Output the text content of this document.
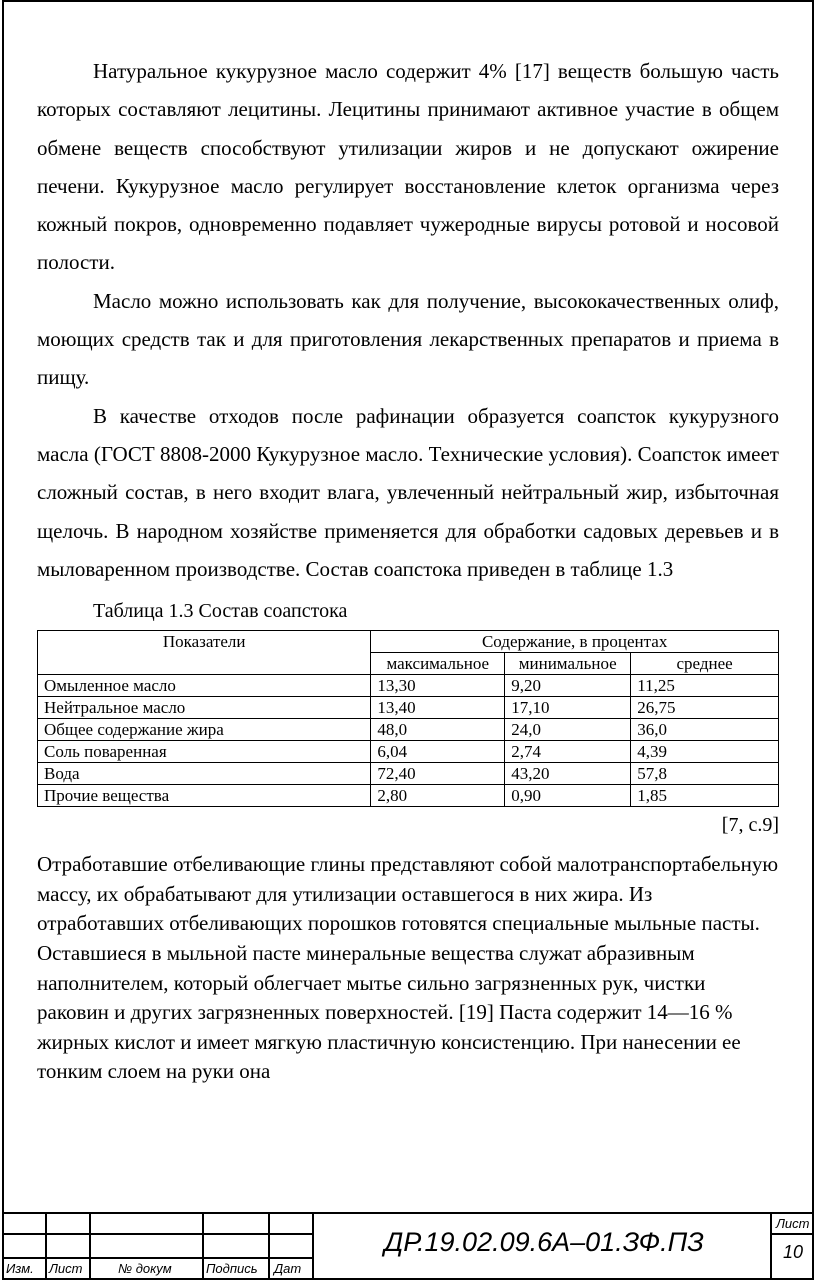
Натуральное кукурузное масло содержит 4% [17] веществ большую часть которых составляют лецитины. Лецитины принимают активное участие в общем обмене веществ способствуют утилизации жиров и не допускают ожирение печени. Кукурузное масло регулирует восстановление клеток организма через кожный покров, одновременно подавляет чужеродные вирусы ротовой и носовой полости.

Масло можно использовать как для получение, высококачественных олиф, моющих средств так и для приготовления лекарственных препаратов и приема в пищу.

В качестве отходов после рафинации образуется соапсток кукурузного масла (ГОСТ 8808-2000 Кукурузное масло. Технические условия). Соапсток имеет сложный состав, в него входит влага, увлеченный нейтральный жир, избыточная щелочь. В народном хозяйстве применяется для обработки садовых деревьев и в мыловаренном производстве. Состав соапстока приведен в таблице 1.3

Таблица 1.3 Состав соапстока
Показатели	Содержание, в процентах		
	максимальное	минимальное	среднее
Омыленное масло	13,30	9,20	11,25
Нейтральное масло	13,40	17,10	26,75
Общее содержание жира	48,0	24,0	36,0
Соль поваренная	6,04	2,74	4,39
Вода	72,40	43,20	57,8
Прочие вещества	2,80	0,90	1,85
[7, с.9]
Отработавшие отбеливающие глины представляют собой малотранспортабельную массу, их обрабатывают для утилизации оставшегося в них жира. Из отработавших отбеливающих порошков готовятся специальные мыльные пасты. Оставшиеся в мыльной пасте минеральные вещества служат абразивным наполнителем, который облегчает мытье сильно загрязненных рук, чистки раковин и других загрязненных поверхностей. [19] Паста содержит 14—16 % жирных кислот и имеет мягкую пластичную консистенцию. При нанесении ее тонким слоем на руки она
Изм. Лист	№ докум	Подпись Дат
ДР.19.02.09.6А–01.ЗФ.ПЗ
Лист
10
